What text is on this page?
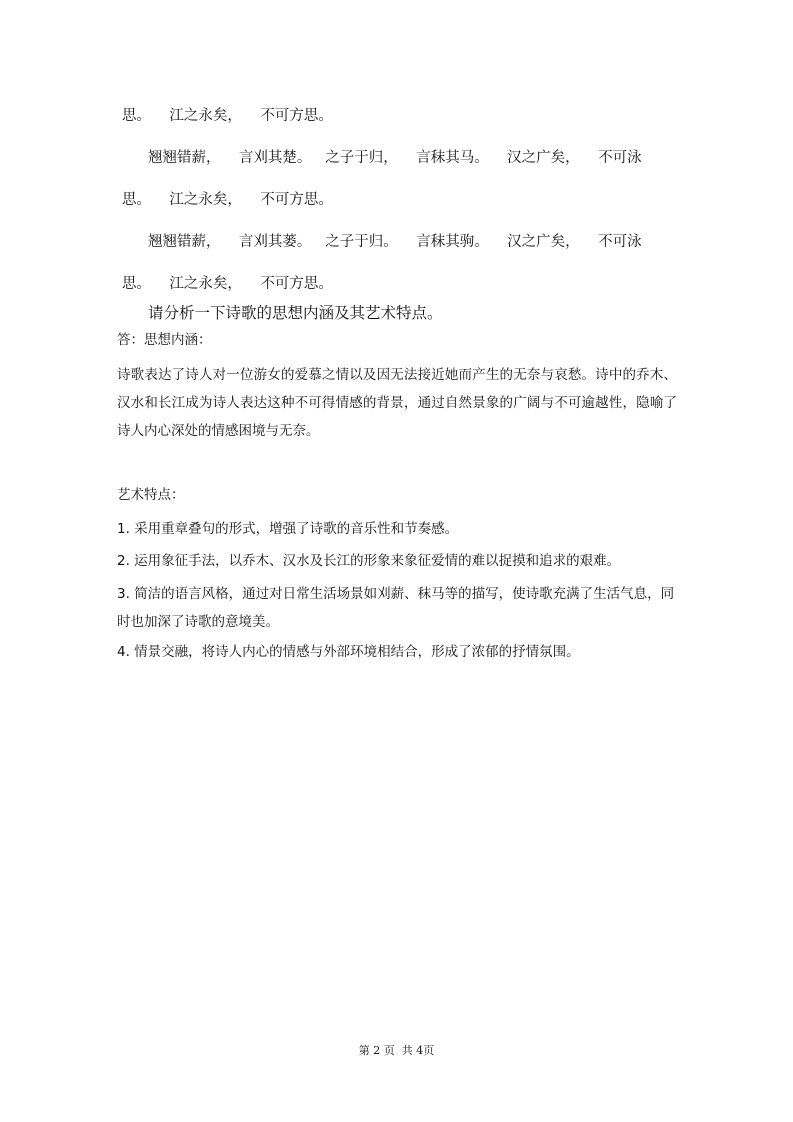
思。    江之永矣，    不可方思。
翘翘错薪，    言刈其楚。   之子于归，    言秣其马。    汉之广矣，    不可泳
思。    江之永矣，    不可方思。
翘翘错薪，    言刈其蒌。   之子于归。    言秣其驹。    汉之广矣，    不可泳
思。    江之永矣，    不可方思。
请分析一下诗歌的思想内涵及其艺术特点。
答：思想内涵：
诗歌表达了诗人对一位游女的爱慕之情以及因无法接近她而产生的无奈与哀愁。诗中的乔木、汉水和长江成为诗人表达这种不可得情感的背景，通过自然景象的广阔与不可逾越性，隐喻了诗人内心深处的情感困境与无奈。
艺术特点：
1. 采用重章叠句的形式，增强了诗歌的音乐性和节奏感。
2. 运用象征手法，以乔木、汉水及长江的形象来象征爱情的难以捉摸和追求的艰难。
3. 简洁的语言风格，通过对日常生活场景如刈薪、秣马等的描写，使诗歌充满了生活气息，同时也加深了诗歌的意境美。
4. 情景交融，将诗人内心的情感与外部环境相结合，形成了浓郁的抒情氛围。
第 2 页  共 4页
